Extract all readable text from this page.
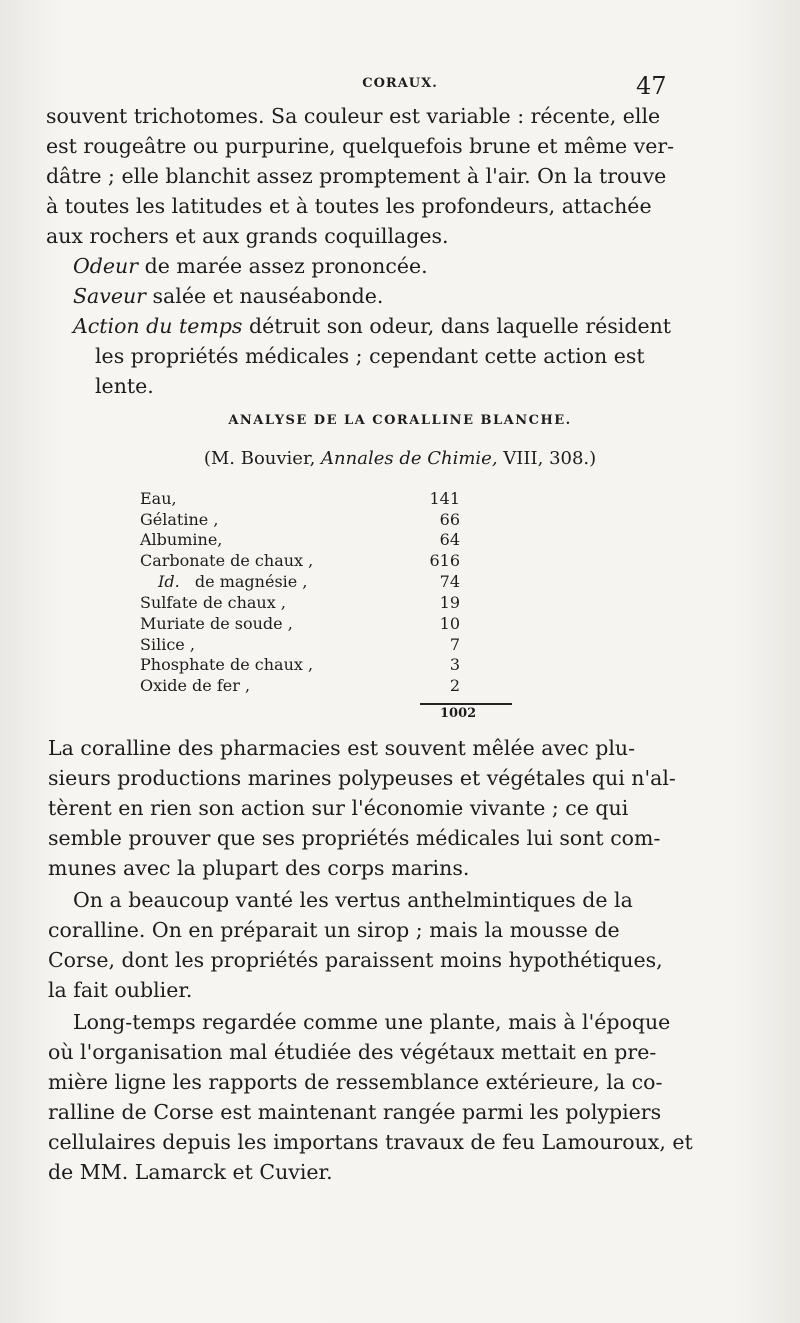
CORAUX.	47
souvent trichotomes. Sa couleur est variable : récente, elle
est rougeâtre ou purpurine, quelquefois brune et même ver-
dâtre ; elle blanchit assez promptement à l'air. On la trouve
à toutes les latitudes et à toutes les profondeurs, attachée
aux rochers et aux grands coquillages.
Odeur de marée assez prononcée.
Saveur salée et nauséabonde.
Action du temps détruit son odeur, dans laquelle résident
les propriétés médicales ; cependant cette action est
lente.
ANALYSE DE LA CORALLINE BLANCHE.
(M. Bouvier, Annales de Chimie, VIII, 308.)
Eau,	141
Gélatine ,	66
Albumine,	64
Carbonate de chaux ,	616
Id. de magnésie ,	74
Sulfate de chaux ,	19
Muriate de soude ,	10
Silice ,	7
Phosphate de chaux ,	3
Oxide de fer ,	2
1002
La coralline des pharmacies est souvent mêlée avec plu-
sieurs productions marines polypeuses et végétales qui n'al-
tèrent en rien son action sur l'économie vivante ; ce qui
semble prouver que ses propriétés médicales lui sont com-
munes avec la plupart des corps marins.
On a beaucoup vanté les vertus anthelmintiques de la
coralline. On en préparait un sirop ; mais la mousse de
Corse, dont les propriétés paraissent moins hypothétiques,
la fait oublier.
Long-temps regardée comme une plante, mais à l'époque
où l'organisation mal étudiée des végétaux mettait en pre-
mière ligne les rapports de ressemblance extérieure, la co-
ralline de Corse est maintenant rangée parmi les polypiers
cellulaires depuis les importans travaux de feu Lamouroux, et
de MM. Lamarck et Cuvier.
